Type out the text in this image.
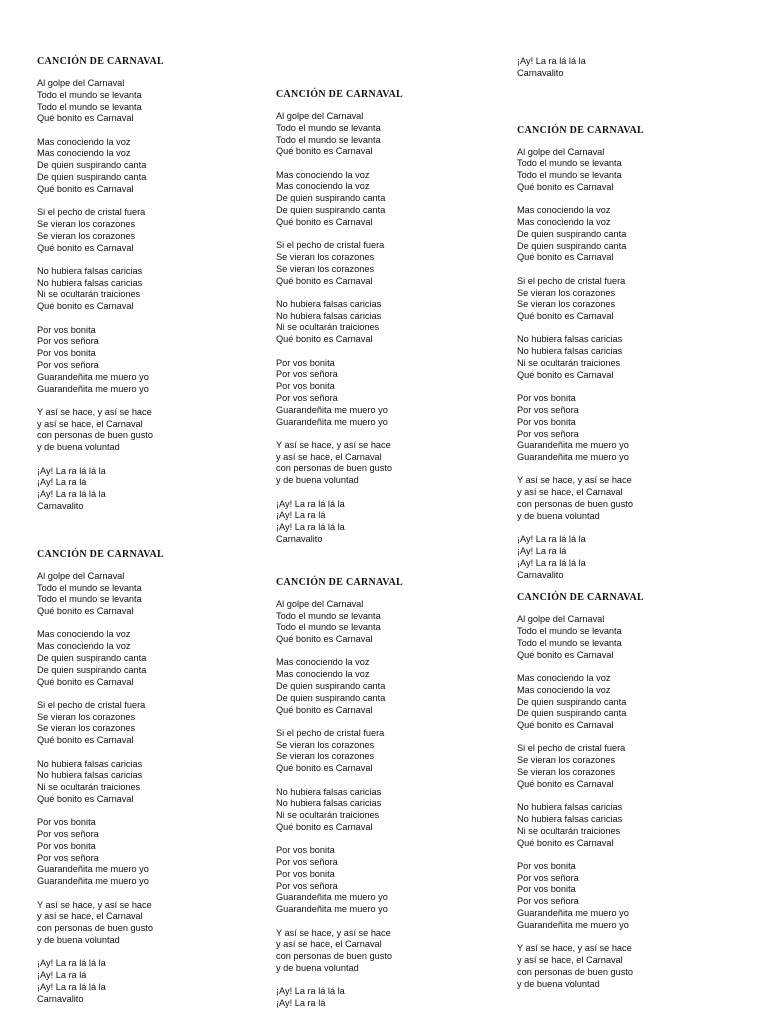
CANCIÓN DE CARNAVAL
Al golpe del Carnaval
Todo el mundo se levanta
Todo el mundo se levanta
Qué bonito es Carnaval
Mas conociendo la voz
Mas conociendo la voz
De quien suspirando canta
De quien suspirando canta
Qué bonito es Carnaval
Si el pecho de cristal fuera
Se vieran los corazones
Se vieran los corazones
Qué bonito es Carnaval
No hubiera falsas caricias
No hubiera falsas caricias
Ni se ocultarán traiciones
Qué bonito es Carnaval
Por vos bonita
Por vos señora
Por vos bonita
Por vos señora
Guarandeñita me muero yo
Guarandeñita me muero yo
Y así se hace, y así se hace
y así se hace, el Carnaval
con personas de buen gusto
y de buena voluntad
¡Ay! La ra lá lá la
¡Ay! La ra lá
¡Ay! La ra lá lá la
Carnavalito
CANCIÓN DE CARNAVAL
Al golpe del Carnaval
Todo el mundo se levanta
Todo el mundo se levanta
Qué bonito es Carnaval
Mas conociendo la voz
Mas conociendo la voz
De quien suspirando canta
De quien suspirando canta
Qué bonito es Carnaval
Si el pecho de cristal fuera
Se vieran los corazones
Se vieran los corazones
Qué bonito es Carnaval
No hubiera falsas caricias
No hubiera falsas caricias
Ni se ocultarán traiciones
Qué bonito es Carnaval
Por vos bonita
Por vos señora
Por vos bonita
Por vos señora
Guarandeñita me muero yo
Guarandeñita me muero yo
Y así se hace, y así se hace
y así se hace, el Carnaval
con personas de buen gusto
y de buena voluntad
¡Ay! La ra lá lá la
¡Ay! La ra lá
¡Ay! La ra lá lá la
Carnavalito
CANCIÓN DE CARNAVAL
Al golpe del Carnaval
Todo el mundo se levanta
Todo el mundo se levanta
Qué bonito es Carnaval
Mas conociendo la voz
Mas conociendo la voz
De quien suspirando canta
De quien suspirando canta
Qué bonito es Carnaval
Si el pecho de cristal fuera
Se vieran los corazones
Se vieran los corazones
Qué bonito es Carnaval
No hubiera falsas caricias
No hubiera falsas caricias
Ni se ocultarán traiciones
Qué bonito es Carnaval
Por vos bonita
Por vos señora
Por vos bonita
Por vos señora
Guarandeñita me muero yo
Guarandeñita me muero yo
Y así se hace, y así se hace
y así se hace, el Carnaval
con personas de buen gusto
y de buena voluntad
¡Ay! La ra lá lá la
¡Ay! La ra lá
¡Ay! La ra lá lá la
Carnavalito
CANCIÓN DE CARNAVAL
Al golpe del Carnaval
Todo el mundo se levanta
Todo el mundo se levanta
Qué bonito es Carnaval
Mas conociendo la voz
Mas conociendo la voz
De quien suspirando canta
De quien suspirando canta
Qué bonito es Carnaval
Si el pecho de cristal fuera
Se vieran los corazones
Se vieran los corazones
Qué bonito es Carnaval
No hubiera falsas caricias
No hubiera falsas caricias
Ni se ocultarán traiciones
Qué bonito es Carnaval
Por vos bonita
Por vos señora
Por vos bonita
Por vos señora
Guarandeñita me muero yo
Guarandeñita me muero yo
Y así se hace, y así se hace
y así se hace, el Carnaval
con personas de buen gusto
y de buena voluntad
¡Ay! La ra lá lá la
¡Ay! La ra lá
¡Ay! La ra lá lá la
Carnavalito
CANCIÓN DE CARNAVAL
Al golpe del Carnaval
Todo el mundo se levanta
Todo el mundo se levanta
Qué bonito es Carnaval
Mas conociendo la voz
Mas conociendo la voz
De quien suspirando canta
De quien suspirando canta
Qué bonito es Carnaval
Si el pecho de cristal fuera
Se vieran los corazones
Se vieran los corazones
Qué bonito es Carnaval
No hubiera falsas caricias
No hubiera falsas caricias
Ni se ocultarán traiciones
Qué bonito es Carnaval
Por vos bonita
Por vos señora
Por vos bonita
Por vos señora
Guarandeñita me muero yo
Guarandeñita me muero yo
Y así se hace, y así se hace
y así se hace, el Carnaval
con personas de buen gusto
y de buena voluntad
¡Ay! La ra lá lá la
¡Ay! La ra lá
¡Ay! La ra lá lá la
Carnavalito
CANCIÓN DE CARNAVAL
Al golpe del Carnaval
Todo el mundo se levanta
Todo el mundo se levanta
Qué bonito es Carnaval
Mas conociendo la voz
Mas conociendo la voz
De quien suspirando canta
De quien suspirando canta
Qué bonito es Carnaval
Si el pecho de cristal fuera
Se vieran los corazones
Se vieran los corazones
Qué bonito es Carnaval
No hubiera falsas caricias
No hubiera falsas caricias
Ni se ocultarán traiciones
Qué bonito es Carnaval
Por vos bonita
Por vos señora
Por vos bonita
Por vos señora
Guarandeñita me muero yo
Guarandeñita me muero yo
Y así se hace, y así se hace
y así se hace, el Carnaval
con personas de buen gusto
y de buena voluntad
